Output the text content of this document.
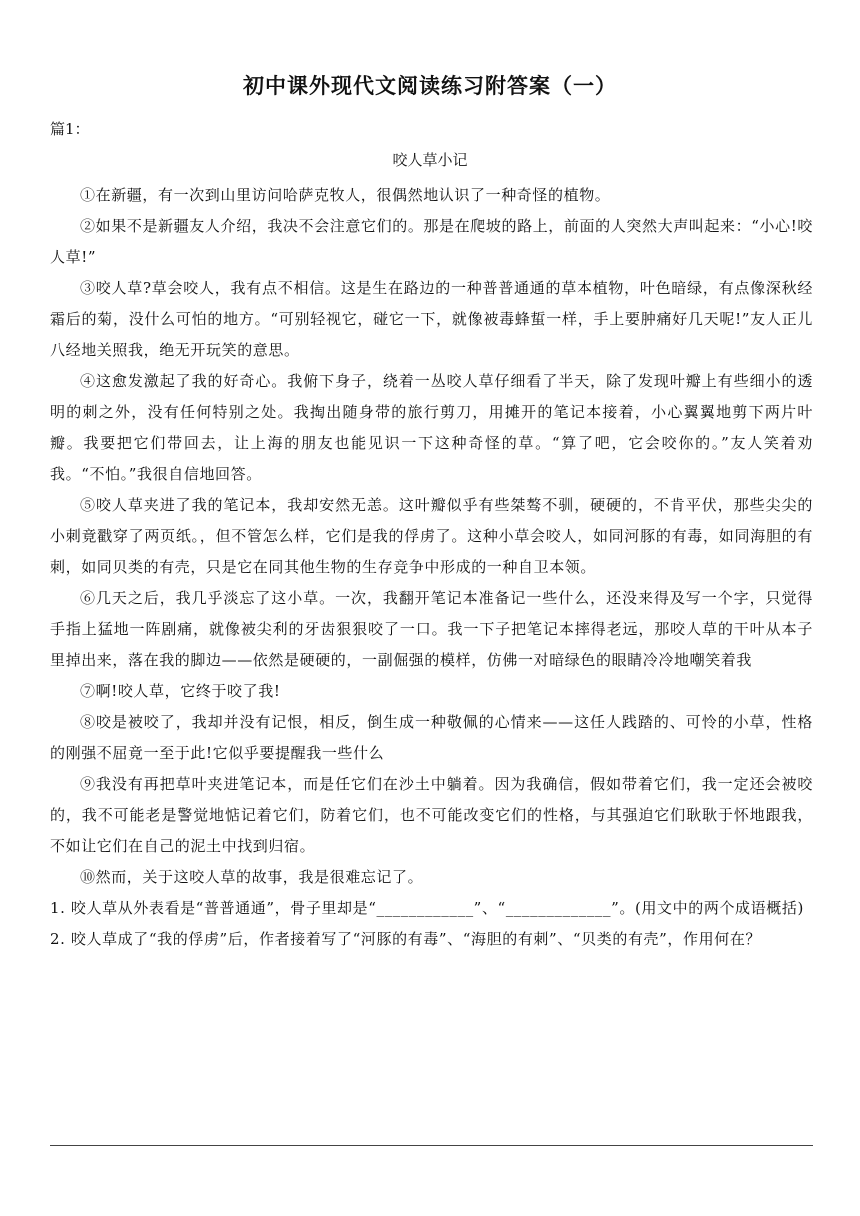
初中课外现代文阅读练习附答案（一）
篇1：
咬人草小记

①在新疆，有一次到山里访问哈萨克牧人，很偶然地认识了一种奇怪的植物。

②如果不是新疆友人介绍，我决不会注意它们的。那是在爬坡的路上，前面的人突然大声叫起来：“小心!咬人草!”

③咬人草?草会咬人，我有点不相信。这是生在路边的一种普普通通的草本植物，叶色暗绿，有点像深秋经霜后的菊，没什么可怕的地方。“可别轻视它，碰它一下，就像被毒蜂蜇一样，手上要肿痛好几天呢!”友人正儿八经地关照我，绝无开玩笑的意思。

④这愈发激起了我的好奇心。我俯下身子，绕着一丛咬人草仔细看了半天，除了发现叶瓣上有些细小的透明的刺之外，没有任何特别之处。我掏出随身带的旅行剪刀，用摊开的笔记本接着，小心翼翼地剪下两片叶瓣。我要把它们带回去，让上海的朋友也能见识一下这种奇怪的草。“算了吧，它会咬你的。”友人笑着劝我。“不怕。”我很自信地回答。

⑤咬人草夹进了我的笔记本，我却安然无恙。这叶瓣似乎有些桀骜不驯，硬硬的，不肯平伏，那些尖尖的小刺竟戳穿了两页纸。，但不管怎么样，它们是我的俘虏了。这种小草会咬人，如同河豚的有毒，如同海胆的有刺，如同贝类的有壳，只是它在同其他生物的生存竞争中形成的一种自卫本领。

⑥几天之后，我几乎淡忘了这小草。一次，我翻开笔记本准备记一些什么，还没来得及写一个字，只觉得手指上猛地一阵剧痛，就像被尖利的牙齿狠狠咬了一口。我一下子把笔记本摔得老远，那咬人草的干叶从本子里掉出来，落在我的脚边——依然是硬硬的，一副倔强的模样，仿佛一对暗绿色的眼睛冷冷地嘲笑着我

⑦啊!咬人草，它终于咬了我!

⑧咬是被咬了，我却并没有记恨，相反，倒生成一种敬佩的心情来——这任人践踏的、可怜的小草，性格的刚强不屈竟一至于此!它似乎要提醒我一些什么

⑨我没有再把草叶夹进笔记本，而是任它们在沙土中躺着。因为我确信，假如带着它们，我一定还会被咬的，我不可能老是警觉地惦记着它们，防着它们，也不可能改变它们的性格，与其强迫它们耿耿于怀地跟我，不如让它们在自己的泥土中找到归宿。

⑩然而，关于这咬人草的故事，我是很难忘记了。

1. 咬人草从外表看是“普普通通”，骨子里却是“____________”、“_____________”。(用文中的两个成语概括)

2. 咬人草成了“我的俘虏”后，作者接着写了“河豚的有毒”、“海胆的有刺”、“贝类的有壳”，作用何在？
